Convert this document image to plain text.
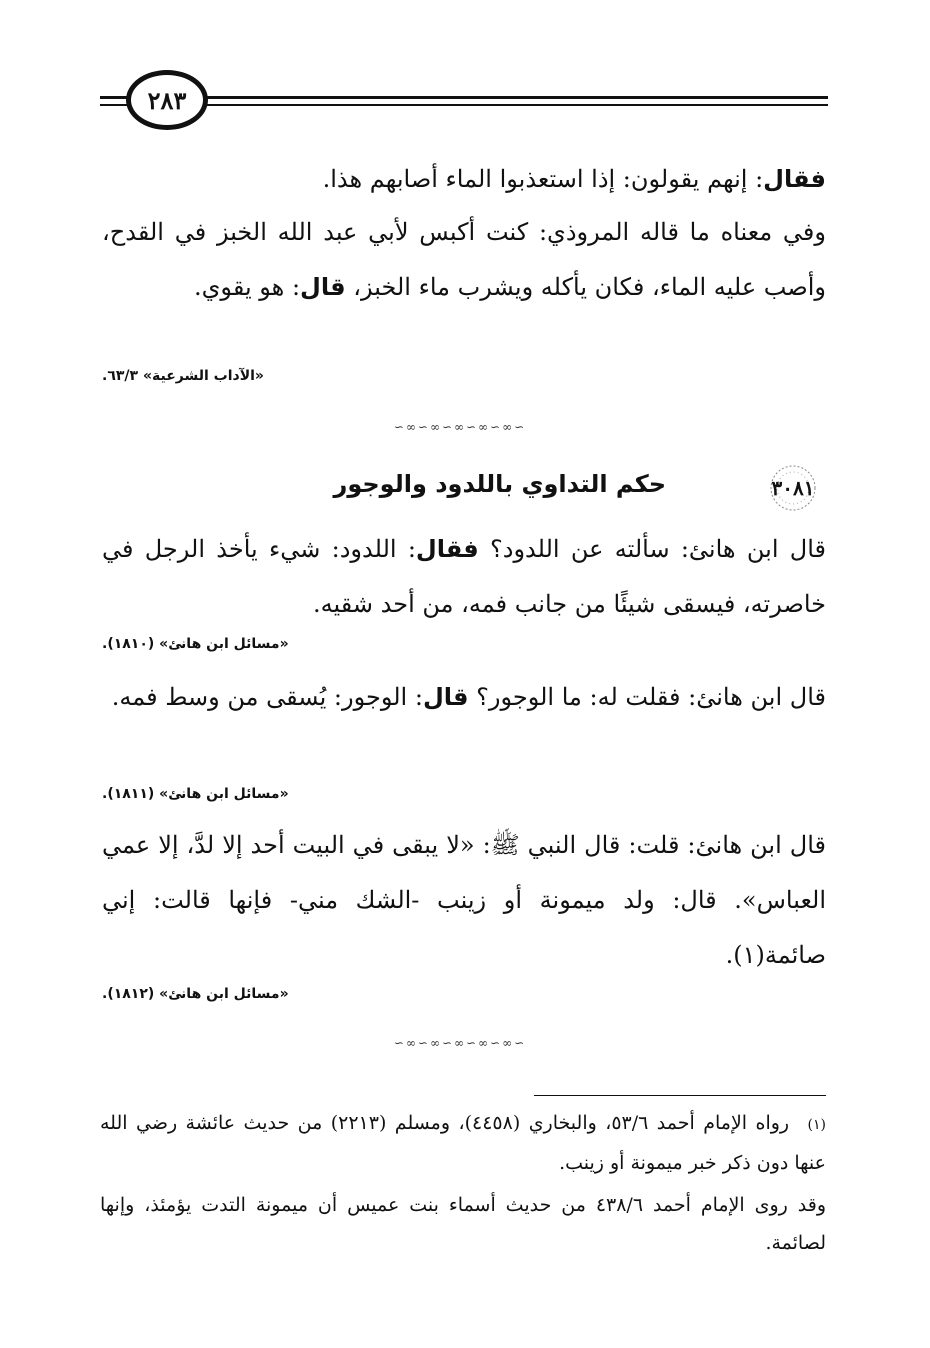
٢٨٣
فقال: إنهم يقولون: إذا استعذبوا الماء أصابهم هذا.
وفي معناه ما قاله المروذي: كنت أكبس لأبي عبد الله الخبز في القدح، وأصب عليه الماء، فكان يأكله ويشرب ماء الخبز، قال: هو يقوي.
«الآداب الشرعية» ٦٣/٣.
∽∞∽∞∽∞∽∞∽∞∽
٣٠٨١
حكم التداوي باللدود والوجور
قال ابن هانئ: سألته عن اللدود؟ فقال: اللدود: شيء يأخذ الرجل في خاصرته، فيسقى شيئًا من جانب فمه، من أحد شقيه.
«مسائل ابن هانئ» (١٨١٠).
قال ابن هانئ: فقلت له: ما الوجور؟ قال: الوجور: يُسقى من وسط فمه.
«مسائل ابن هانئ» (١٨١١).
قال ابن هانئ: قلت: قال النبي ﷺ: «لا يبقى في البيت أحد إلا لدَّ، إلا عمي العباس». قال: ولد ميمونة أو زينب -الشك مني- فإنها قالت: إني صائمة(١).
«مسائل ابن هانئ» (١٨١٢).
∽∞∽∞∽∞∽∞∽∞∽
(١) رواه الإمام أحمد ٥٣/٦، والبخاري (٤٤٥٨)، ومسلم (٢٢١٣) من حديث عائشة رضي الله عنها دون ذكر خبر ميمونة أو زينب.
وقد روى الإمام أحمد ٤٣٨/٦ من حديث أسماء بنت عميس أن ميمونة التدت يؤمئذ، وإنها لصائمة.
